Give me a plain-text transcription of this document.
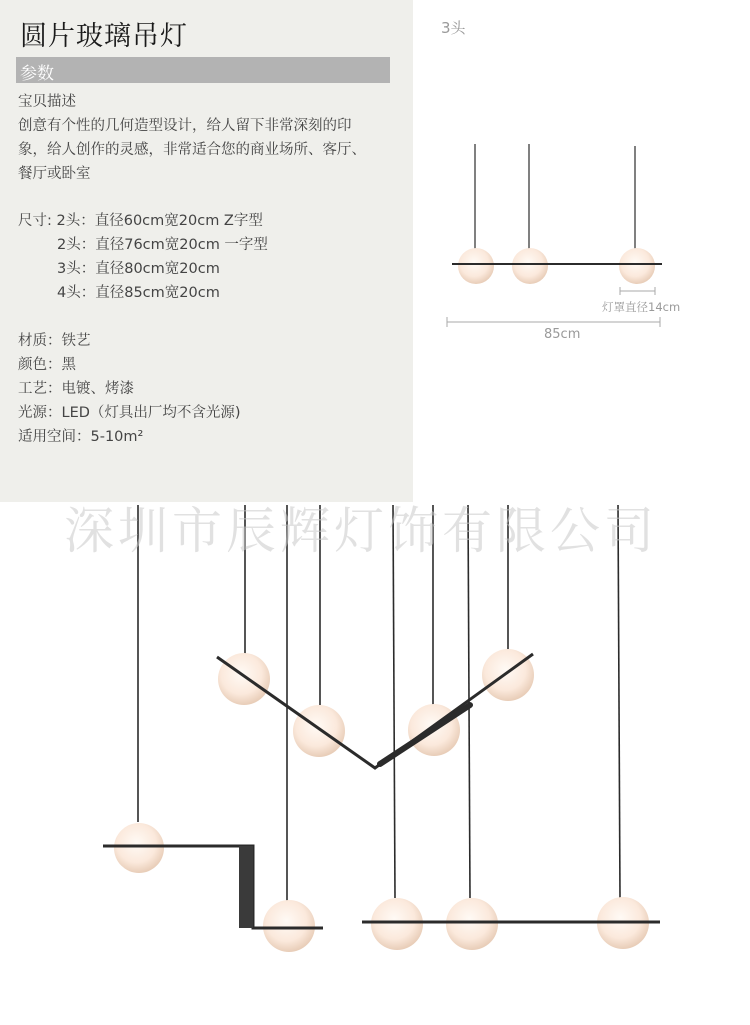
圆片玻璃吊灯
参数
宝贝描述
创意有个性的几何造型设计，给人留下非常深刻的印
象，给人创作的灵感，非常适合您的商业场所、客厅、
餐厅或卧室
尺寸: 2头：直径60cm宽20cm Z字型
2头：直径76cm宽20cm 一字型
3头：直径80cm宽20cm
4头：直径85cm宽20cm
材质：铁艺
颜色：黑
工艺：电镀、烤漆
光源：LED（灯具出厂均不含光源)
适用空间：5-10m²
3头
灯罩直径14cm
85cm
深圳市辰辉灯饰有限公司
